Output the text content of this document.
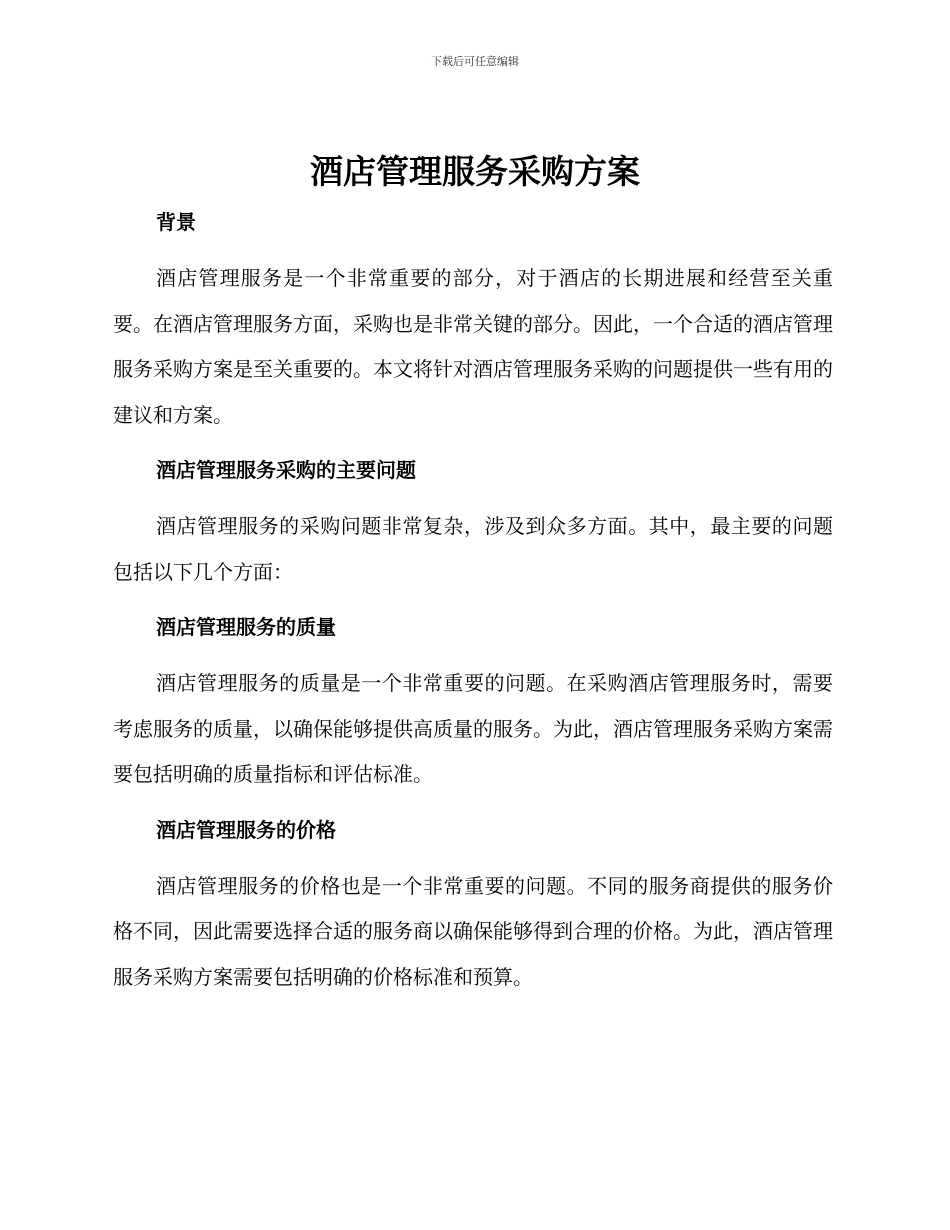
下载后可任意编辑
酒店管理服务采购方案
背景

酒店管理服务是一个非常重要的部分，对于酒店的长期进展和经营至关重要。在酒店管理服务方面，采购也是非常关键的部分。因此，一个合适的酒店管理服务采购方案是至关重要的。本文将针对酒店管理服务采购的问题提供一些有用的建议和方案。

酒店管理服务采购的主要问题

酒店管理服务的采购问题非常复杂，涉及到众多方面。其中，最主要的问题包括以下几个方面：

酒店管理服务的质量

酒店管理服务的质量是一个非常重要的问题。在采购酒店管理服务时，需要考虑服务的质量，以确保能够提供高质量的服务。为此，酒店管理服务采购方案需要包括明确的质量指标和评估标准。

酒店管理服务的价格

酒店管理服务的价格也是一个非常重要的问题。不同的服务商提供的服务价格不同，因此需要选择合适的服务商以确保能够得到合理的价格。为此，酒店管理服务采购方案需要包括明确的价格标准和预算。
